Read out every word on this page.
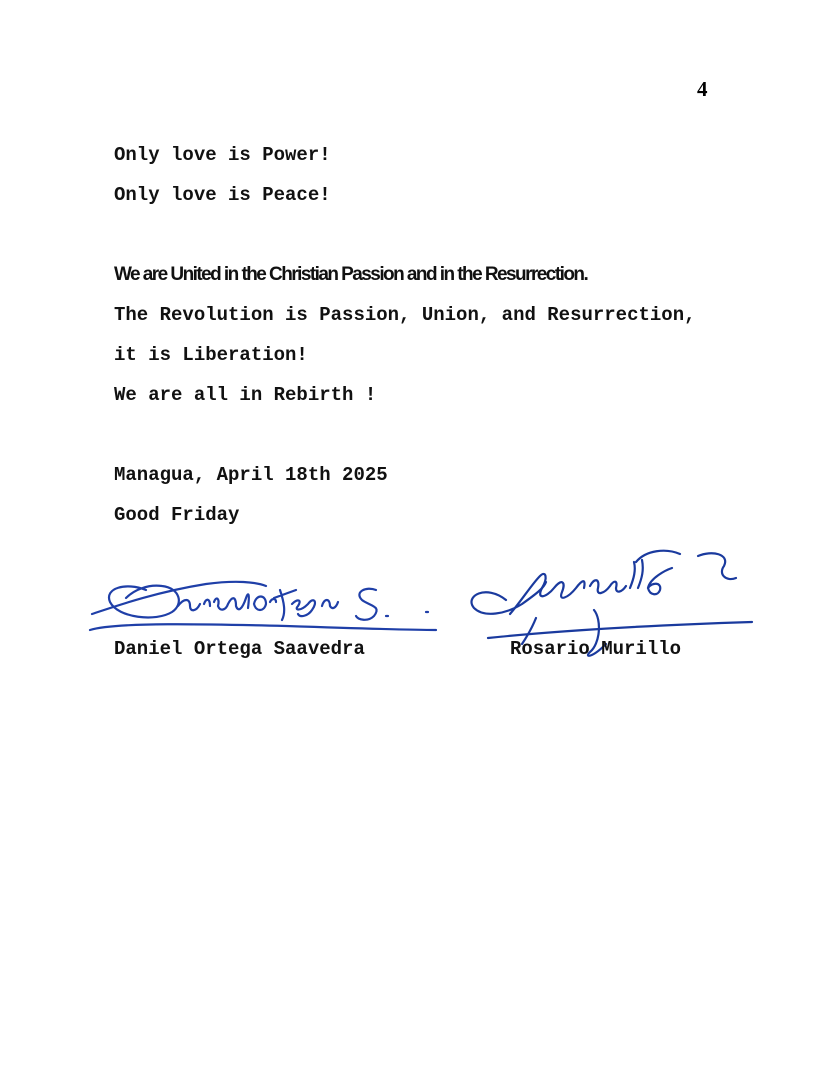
4
Only love is Power!
Only love is Peace!
We are United in the Christian Passion and in the Resurrection.
The Revolution is Passion, Union, and Resurrection,
it is Liberation!
We are all in Rebirth !
Managua, April 18th 2025
Good Friday
Daniel Ortega Saavedra	Rosario Murillo
